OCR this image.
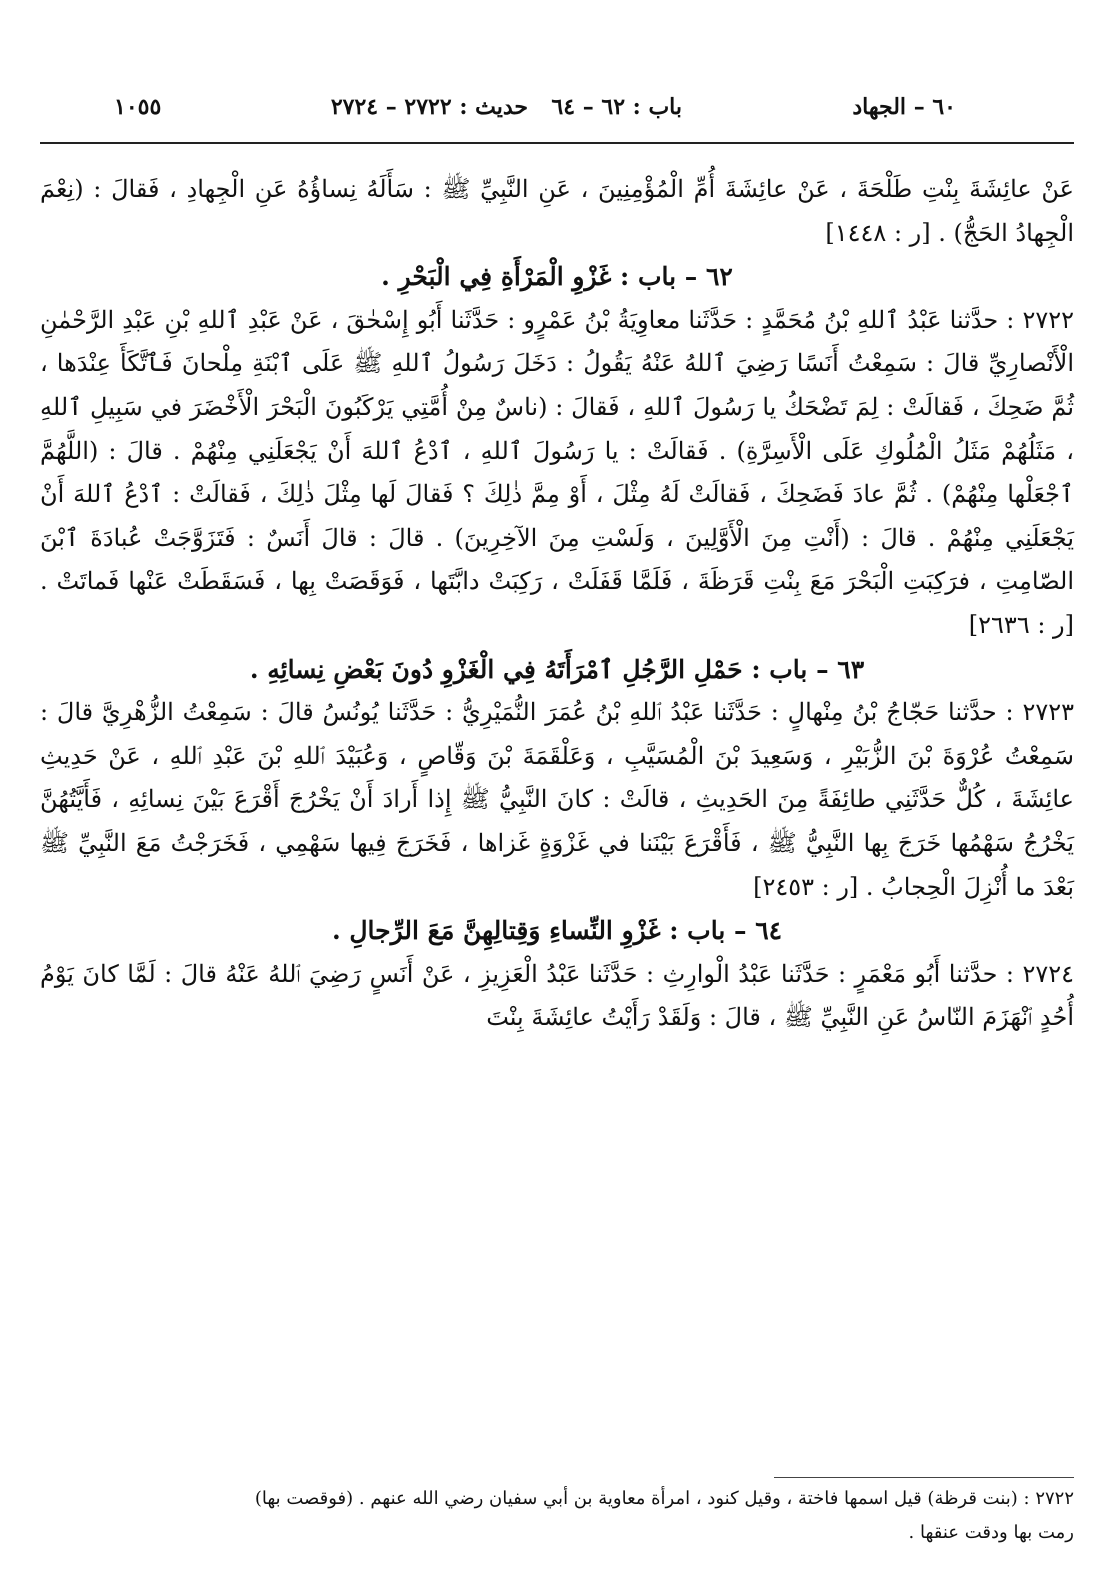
٦٠ – الجهاد
باب : ٦٢ – ٦٤
حديث : ٢٧٢٢ – ٢٧٢٤
١٠٥٥

عَنْ عائِشَةَ بِنْتِ طَلْحَةَ ، عَنْ عائِشَةَ أُمِّ الْمُؤْمِنِينَ ، عَنِ النَّبِيِّ ﷺ : سَأَلَهُ نِساؤُهُ عَنِ الْجِهادِ ، فَقالَ : (نِعْمَ الْجِهادُ الحَجُّ) . [ر : ١٤٤٨]

٦٢ – باب : غَزْوِ الْمَرْأَةِ فِي الْبَحْرِ .

٢٧٢٢ : حدَّثنا عَبْدُ ٱللهِ بْنُ مُحَمَّدٍ : حَدَّثَنا معاوِيَةُ بْنُ عَمْرٍو : حَدَّثَنا أَبُو إِسْحٰقَ ، عَنْ عَبْدِ ٱللهِ بْنِ عَبْدِ الرَّحْمٰنِ الْأَنْصارِيِّ قالَ : سَمِعْتُ أَنَسًا رَضِيَ ٱللهُ عَنْهُ يَقُولُ : دَخَلَ رَسُولُ ٱللهِ ﷺ عَلَى ٱبْنَةِ مِلْحانَ فَٱتَّكَأَ عِنْدَها ، ثُمَّ ضَحِكَ ، فَقالَتْ : لِمَ تَضْحَكُ يا رَسُولَ ٱللهِ ، فَقالَ : (ناسٌ مِنْ أُمَّتِي يَرْكَبُونَ الْبَحْرَ الْأَخْضَرَ في سَبِيلِ ٱللهِ ، مَثَلُهُمْ مَثَلُ الْمُلُوكِ عَلَى الْأَسِرَّةِ) . فَقالَتْ : يا رَسُولَ ٱللهِ ، ٱدْعُ ٱللهَ أَنْ يَجْعَلَنِي مِنْهُمْ . قالَ : (اللَّهُمَّ ٱجْعَلْها مِنْهُمْ) . ثُمَّ عادَ فَضَحِكَ ، فَقالَتْ لَهُ مِثْلَ ، أَوْ مِمَّ ذٰلِكَ ؟ فَقالَ لَها مِثْلَ ذٰلِكَ ، فَقالَتْ : ٱدْعُ ٱللهَ أَنْ يَجْعَلَنِي مِنْهُمْ . قالَ : (أَنْتِ مِنَ الْأَوَّلِينَ ، وَلَسْتِ مِنَ الآخِرِينَ) . قالَ : قالَ أَنَسٌ : فَتَزَوَّجَتْ عُبادَةَ ٱبْنَ الصّامِتِ ، فرَكِبَتِ الْبَحْرَ مَعَ بِنْتِ قَرَظَةَ ، فَلَمَّا قَفَلَتْ ، رَكِبَتْ دابَّتَها ، فَوَقَصَتْ بِها ، فَسَقَطَتْ عَنْها فَماتَتْ . [ر : ٢٦٣٦]

٦٣ – باب : حَمْلِ الرَّجُلِ ٱمْرَأَتَهُ فِي الْغَزْوِ دُونَ بَعْضِ نِسائِهِ .

٢٧٢٣ : حدَّثنا حَجّاجُ بْنُ مِنْهالٍ : حَدَّثَنا عَبْدُ ٱللهِ بْنُ عُمَرَ النُّمَيْرِيُّ : حَدَّثَنا يُونُسُ قالَ : سَمِعْتُ الزُّهْرِيَّ قالَ : سَمِعْتُ عُرْوَةَ بْنَ الزُّبَيْرِ ، وَسَعِيدَ بْنَ الْمُسَيَّبِ ، وَعَلْقَمَةَ بْنَ وَقّاصٍ ، وَعُبَيْدَ ٱللهِ بْنَ عَبْدِ ٱللهِ ، عَنْ حَدِيثِ عائِشَةَ ، كُلٌّ حَدَّثَنِي طائِفَةً مِنَ الحَدِيثِ ، قالَتْ : كانَ النَّبِيُّ ﷺ إِذا أَرادَ أَنْ يَخْرُجَ أَقْرَعَ بَيْنَ نِسائِهِ ، فَأَيَّتُهُنَّ يَخْرُجُ سَهْمُها خَرَجَ بِها النَّبِيُّ ﷺ ، فَأَقْرَعَ بَيْنَنا في غَزْوَةٍ غَزاها ، فَخَرَجَ فِيها سَهْمِي ، فَخَرَجْتُ مَعَ النَّبِيِّ ﷺ بَعْدَ ما أُنْزِلَ الْحِجابُ . [ر : ٢٤٥٣]

٦٤ – باب : غَزْوِ النِّساءِ وَقِتالِهِنَّ مَعَ الرِّجالِ .

٢٧٢٤ : حدَّثنا أَبُو مَعْمَرٍ : حَدَّثَنا عَبْدُ الْوارِثِ : حَدَّثَنا عَبْدُ الْعَزِيزِ ، عَنْ أَنَسٍ رَضِيَ ٱللهُ عَنْهُ قالَ : لَمَّا كانَ يَوْمُ أُحُدٍ ٱنْهَزَمَ النّاسُ عَنِ النَّبِيِّ ﷺ ، قالَ : وَلَقَدْ رَأَيْتُ عائِشَةَ بِنْتَ

٢٧٢٢ : (بنت قرظة) قيل اسمها فاختة ، وقيل كنود ، امرأة معاوية بن أبي سفيان رضي الله عنهم . (فوقصت بها)

رمت بها ودقت عنقها .
